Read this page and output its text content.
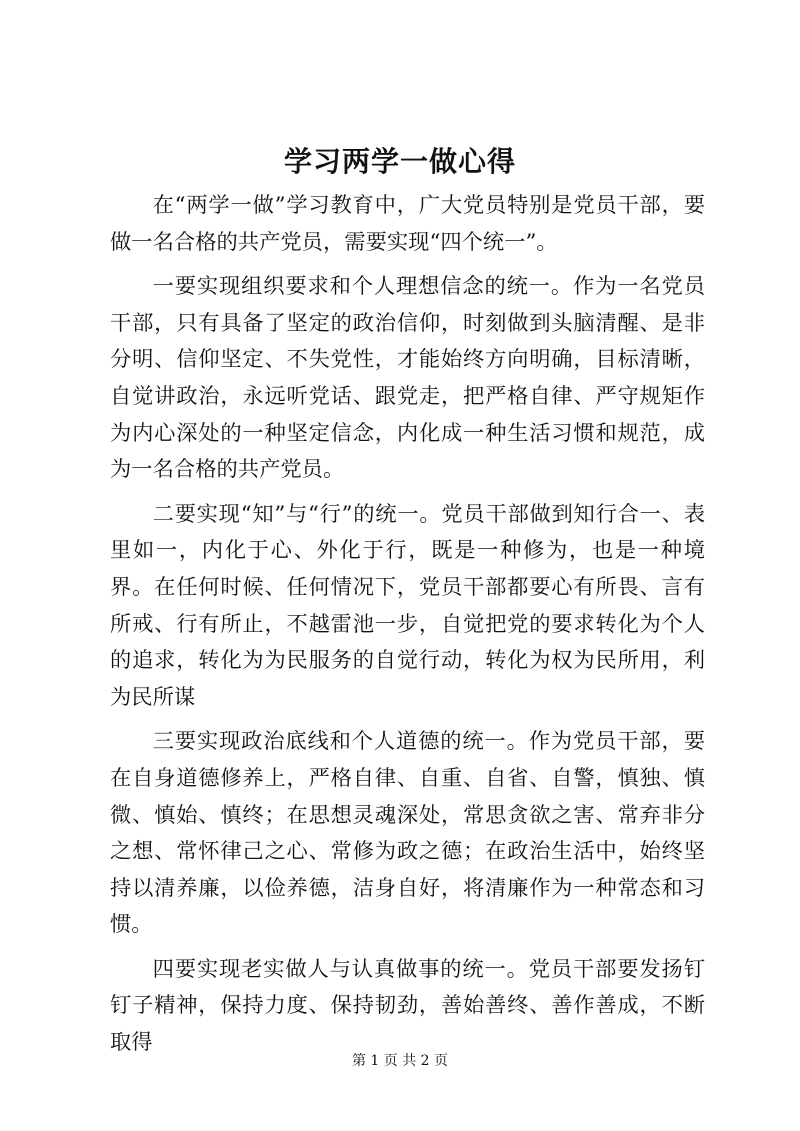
学习两学一做心得

在“两学一做”学习教育中，广大党员特别是党员干部，要做一名合格的共产党员，需要实现“四个统一”。

一要实现组织要求和个人理想信念的统一。作为一名党员干部，只有具备了坚定的政治信仰，时刻做到头脑清醒、是非分明、信仰坚定、不失党性，才能始终方向明确，目标清晰，自觉讲政治，永远听党话、跟党走，把严格自律、严守规矩作为内心深处的一种坚定信念，内化成一种生活习惯和规范，成为一名合格的共产党员。

二要实现“知”与“行”的统一。党员干部做到知行合一、表里如一，内化于心、外化于行，既是一种修为，也是一种境界。在任何时候、任何情况下，党员干部都要心有所畏、言有所戒、行有所止，不越雷池一步，自觉把党的要求转化为个人的追求，转化为为民服务的自觉行动，转化为权为民所用，利为民所谋

三要实现政治底线和个人道德的统一。作为党员干部，要在自身道德修养上，严格自律、自重、自省、自警，慎独、慎微、慎始、慎终；在思想灵魂深处，常思贪欲之害、常弃非分之想、常怀律己之心、常修为政之德；在政治生活中，始终坚持以清养廉，以俭养德，洁身自好，将清廉作为一种常态和习惯。

四要实现老实做人与认真做事的统一。党员干部要发扬钉钉子精神，保持力度、保持韧劲，善始善终、善作善成，不断取得

第 1 页 共 2 页
